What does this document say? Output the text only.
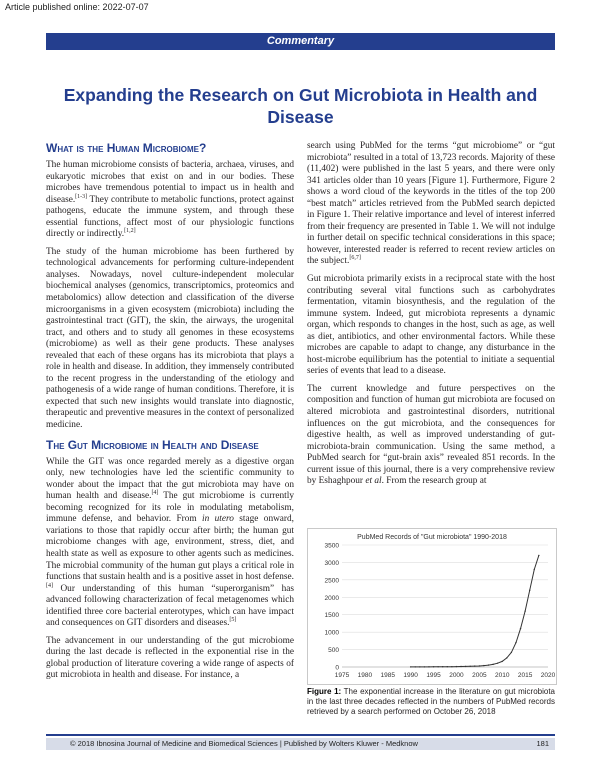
Article published online: 2022-07-07
Commentary
Expanding the Research on Gut Microbiota in Health and Disease
What is the Human Microbiome?

The human microbiome consists of bacteria, archaea, viruses, and eukaryotic microbes that exist on and in our bodies. These microbes have tremendous potential to impact us in health and disease.[1-3] They contribute to metabolic functions, protect against pathogens, educate the immune system, and through these essential functions, affect most of our physiologic functions directly or indirectly.[1,2]

The study of the human microbiome has been furthered by technological advancements for performing culture-independent analyses. Nowadays, novel culture-independent molecular biochemical analyses (genomics, transcriptomics, proteomics and metabolomics) allow detection and classification of the diverse microorganisms in a given ecosystem (microbiota) including the gastrointestinal tract (GIT), the skin, the airways, the urogenital tract, and others and to study all genomes in these ecosystems (microbiome) as well as their gene products. These analyses revealed that each of these organs has its microbiota that plays a role in health and disease. In addition, they immensely contributed to the recent progress in the understanding of the etiology and pathogenesis of a wide range of human conditions. Therefore, it is expected that such new insights would translate into diagnostic, therapeutic and preventive measures in the context of personalized medicine.

The Gut Microbiome in Health and Disease

While the GIT was once regarded merely as a digestive organ only, new technologies have led the scientific community to wonder about the impact that the gut microbiota may have on human health and disease.[4] The gut microbiome is currently becoming recognized for its role in modulating metabolism, immune defense, and behavior. From in utero stage onward, variations to those that rapidly occur after birth; the human gut microbiome changes with age, environment, stress, diet, and health state as well as exposure to other agents such as medicines. The microbial community of the human gut plays a critical role in functions that sustain health and is a positive asset in host defense.[4] Our understanding of this human “superorganism” has advanced following characterization of fecal metagenomes which identified three core bacterial enterotypes, which can have impact and consequences on GIT disorders and diseases.[5]

The advancement in our understanding of the gut microbiome during the last decade is reflected in the exponential rise in the global production of literature covering a wide range of aspects of gut microbiota in health and disease. For instance, a

search using PubMed for the terms “gut microbiome” or “gut microbiota” resulted in a total of 13,723 records. Majority of these (11,402) were published in the last 5 years, and there were only 341 articles older than 10 years [Figure 1]. Furthermore, Figure 2 shows a word cloud of the keywords in the titles of the top 200 “best match” articles retrieved from the PubMed search depicted in Figure 1. Their relative importance and level of interest inferred from their frequency are presented in Table 1. We will not indulge in further detail on specific technical considerations in this space; however, interested reader is referred to recent review articles on the subject.[6,7]

Gut microbiota primarily exists in a reciprocal state with the host contributing several vital functions such as carbohydrates fermentation, vitamin biosynthesis, and the regulation of the immune system. Indeed, gut microbiota represents a dynamic organ, which responds to changes in the host, such as age, as well as diet, antibiotics, and other environmental factors. While these microbes are capable to adapt to change, any disturbance in the host-microbe equilibrium has the potential to initiate a sequential series of events that lead to a disease.

The current knowledge and future perspectives on the composition and function of human gut microbiota are focused on altered microbiota and gastrointestinal disorders, nutritional influences on the gut microbiota, and the consequences for digestive health, as well as improved understanding of gut-microbiota-brain communication. Using the same method, a PubMed search for “gut-brain axis” revealed 851 records. In the current issue of this journal, there is a very comprehensive review by Eshaghpour et al. From the research group at

PubMed Records of "Gut microbiota" 1990-2018
0
500
1000
1500
2000
2500
3000
3500
1975 1980 1985 1990 1995 2000 2005 2010 2015 2020
Figure 1: The exponential increase in the literature on gut microbiota in the last three decades reflected in the numbers of PubMed records retrieved by a search performed on October 26, 2018
© 2018 Ibnosina Journal of Medicine and Biomedical Sciences | Published by Wolters Kluwer - Medknow	181
